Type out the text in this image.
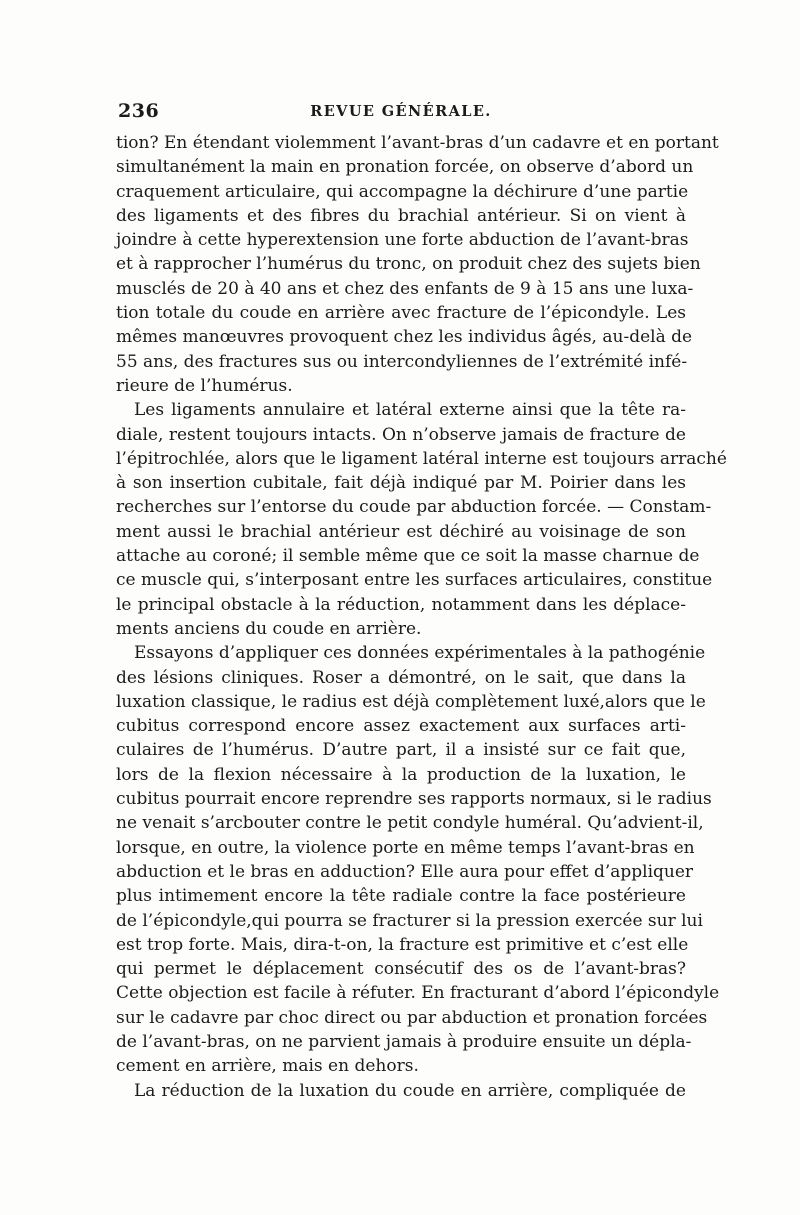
236	REVUE GÉNÉRALE.
tion? En étendant violemment l’avant-bras d’un cadavre et en portant
simultanément la main en pronation forcée, on observe d’abord un
craquement articulaire, qui accompagne la déchirure d’une partie
des ligaments et des fibres du brachial antérieur. Si on vient à
joindre à cette hyperextension une forte abduction de l’avant-bras
et à rapprocher l’humérus du tronc, on produit chez des sujets bien
musclés de 20 à 40 ans et chez des enfants de 9 à 15 ans une luxa-
tion totale du coude en arrière avec fracture de l’épicondyle. Les
mêmes manœuvres provoquent chez les individus âgés, au-delà de
55 ans, des fractures sus ou intercondyliennes de l’extrémité infé-
rieure de l’humérus.
Les ligaments annulaire et latéral externe ainsi que la tête ra-
diale, restent toujours intacts. On n’observe jamais de fracture de
l’épitrochlée, alors que le ligament latéral interne est toujours arraché
à son insertion cubitale, fait déjà indiqué par M. Poirier dans les
recherches sur l’entorse du coude par abduction forcée. — Constam-
ment aussi le brachial antérieur est déchiré au voisinage de son
attache au coroné; il semble même que ce soit la masse charnue de
ce muscle qui, s’interposant entre les surfaces articulaires, constitue
le principal obstacle à la réduction, notamment dans les déplace-
ments anciens du coude en arrière.
Essayons d’appliquer ces données expérimentales à la pathogénie
des lésions cliniques. Roser a démontré, on le sait, que dans la
luxation classique, le radius est déjà complètement luxé,alors que le
cubitus correspond encore assez exactement aux surfaces arti-
culaires de l’humérus. D’autre part, il a insisté sur ce fait que,
lors de la flexion nécessaire à la production de la luxation, le
cubitus pourrait encore reprendre ses rapports normaux, si le radius
ne venait s’arcbouter contre le petit condyle huméral. Qu’advient-il,
lorsque, en outre, la violence porte en même temps l’avant-bras en
abduction et le bras en adduction? Elle aura pour effet d’appliquer
plus intimement encore la tête radiale contre la face postérieure
de l’épicondyle,qui pourra se fracturer si la pression exercée sur lui
est trop forte. Mais, dira-t-on, la fracture est primitive et c’est elle
qui permet le déplacement consécutif des os de l’avant-bras?
Cette objection est facile à réfuter. En fracturant d’abord l’épicondyle
sur le cadavre par choc direct ou par abduction et pronation forcées
de l’avant-bras, on ne parvient jamais à produire ensuite un dépla-
cement en arrière, mais en dehors.
La réduction de la luxation du coude en arrière, compliquée de
